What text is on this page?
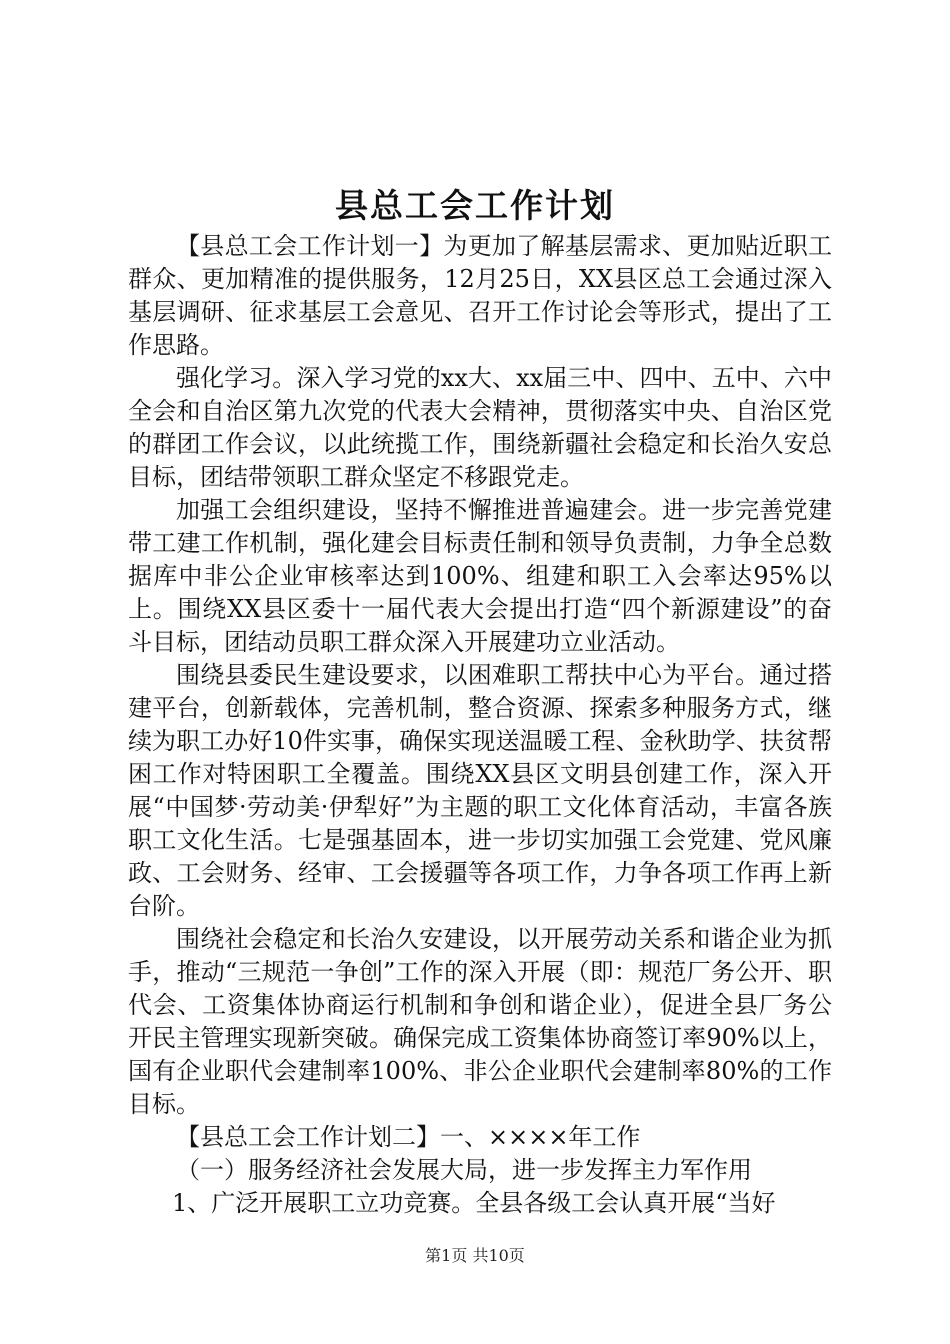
县总工会工作计划

【县总工会工作计划一】为更加了解基层需求、更加贴近职工群众、更加精准的提供服务，12月25日，XX县区总工会通过深入基层调研、征求基层工会意见、召开工作讨论会等形式，提出了工作思路。

强化学习。深入学习党的xx大、xx届三中、四中、五中、六中全会和自治区第九次党的代表大会精神，贯彻落实中央、自治区党的群团工作会议，以此统揽工作，围绕新疆社会稳定和长治久安总目标，团结带领职工群众坚定不移跟党走。

加强工会组织建设，坚持不懈推进普遍建会。进一步完善党建带工建工作机制，强化建会目标责任制和领导负责制，力争全总数据库中非公企业审核率达到100%、组建和职工入会率达95%以上。围绕XX县区委十一届代表大会提出打造“四个新源建设”的奋斗目标，团结动员职工群众深入开展建功立业活动。

围绕县委民生建设要求，以困难职工帮扶中心为平台。通过搭建平台，创新载体，完善机制，整合资源、探索多种服务方式，继续为职工办好10件实事，确保实现送温暖工程、金秋助学、扶贫帮困工作对特困职工全覆盖。围绕XX县区文明县创建工作，深入开展“中国梦·劳动美·伊犁好”为主题的职工文化体育活动，丰富各族职工文化生活。七是强基固本，进一步切实加强工会党建、党风廉政、工会财务、经审、工会援疆等各项工作，力争各项工作再上新台阶。

围绕社会稳定和长治久安建设，以开展劳动关系和谐企业为抓手，推动“三规范一争创”工作的深入开展（即：规范厂务公开、职代会、工资集体协商运行机制和争创和谐企业），促进全县厂务公开民主管理实现新突破。确保完成工资集体协商签订率90%以上，国有企业职代会建制率100%、非公企业职代会建制率80%的工作目标。

【县总工会工作计划二】一、××××年工作

（一）服务经济社会发展大局，进一步发挥主力军作用

1、广泛开展职工立功竞赛。全县各级工会认真开展“当好

第1页 共10页
